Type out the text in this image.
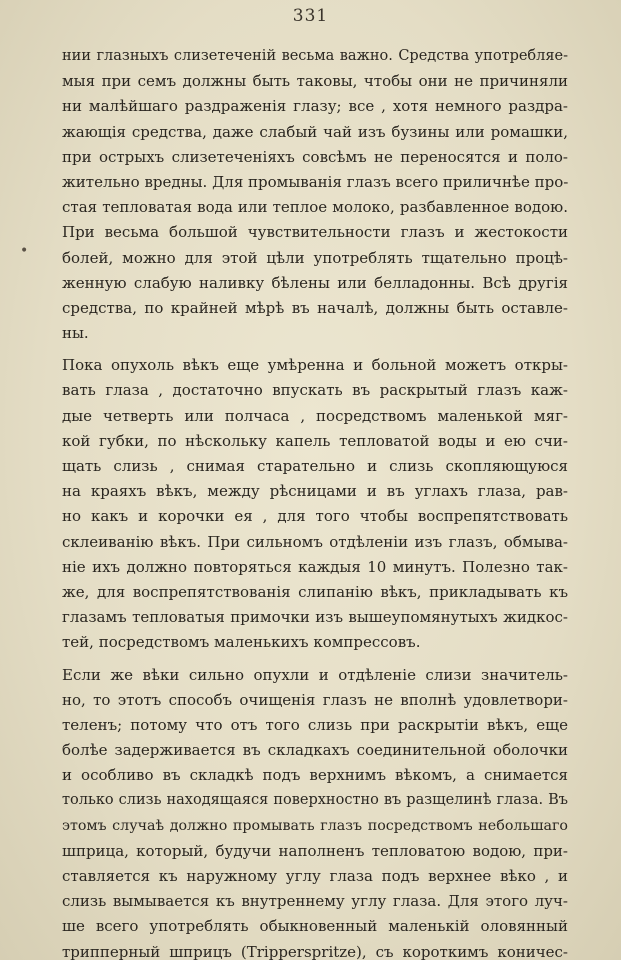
331
•
нии глазныхъ слизетеченій весьма важно. Средства употребляе-
мыя при семъ должны быть таковы, чтобы они не причиняли
ни малѣйшаго раздраженія глазу; все , хотя немного раздра-
жающія средства, даже слабый чай изъ бузины или ромашки,
при острыхъ слизетеченіяхъ совсѣмъ не переносятся и поло-
жительно вредны. Для промыванія глазъ всего приличнѣе про-
стая тепловатая вода или теплое молоко, разбавленное водою.
При весьма большой чувствительности глазъ и жестокости
болей, можно для этой цѣли употреблять тщательно процѣ-
женную слабую наливку бѣлены или белладонны. Всѣ другія
средства, по крайней мѣрѣ въ началѣ, должны быть оставле-
ны.
Пока опухоль вѣкъ еще умѣренна и больной можетъ откры-
вать глаза , достаточно впускать въ раскрытый глазъ каж-
дые четверть или полчаса , посредствомъ маленькой мяг-
кой губки, по нѣскольку капель тепловатой воды и ею счи-
щать слизь , снимая старательно и слизь скопляющуюся
на краяхъ вѣкъ, между рѣсницами и въ углахъ глаза, рав-
но какъ и корочки ея , для того чтобы воспрепятствовать
склеиванію вѣкъ. При сильномъ отдѣленіи изъ глазъ, обмыва-
ніе ихъ должно повторяться каждыя 10 минутъ. Полезно так-
же, для воспрепятствованія слипанію вѣкъ, прикладывать къ
глазамъ тепловатыя примочки изъ вышеупомянутыхъ жидкос-
тей, посредствомъ маленькихъ компрессовъ.
Если же вѣки сильно опухли и отдѣленіе слизи значитель-
но, то этотъ способъ очищенія глазъ не вполнѣ удовлетвори-
теленъ; потому что отъ того слизь при раскрытіи вѣкъ, еще
болѣе задерживается въ складкахъ соединительной оболочки
и особливо въ складкѣ подъ верхнимъ вѣкомъ, а снимается
только слизь находящаяся поверхностно въ разщелинѣ глаза. Въ
этомъ случаѣ должно промывать глазъ посредствомъ небольшаго
шприца, который, будучи наполненъ тепловатою водою, при-
ставляется къ наружному углу глаза подъ верхнее вѣко , и
слизь вымывается къ внутреннему углу глаза. Для этого луч-
ше всего употреблять обыкновенный маленькій оловянный
трипперный шприцъ (Tripperspritze), съ короткимъ коничес-
